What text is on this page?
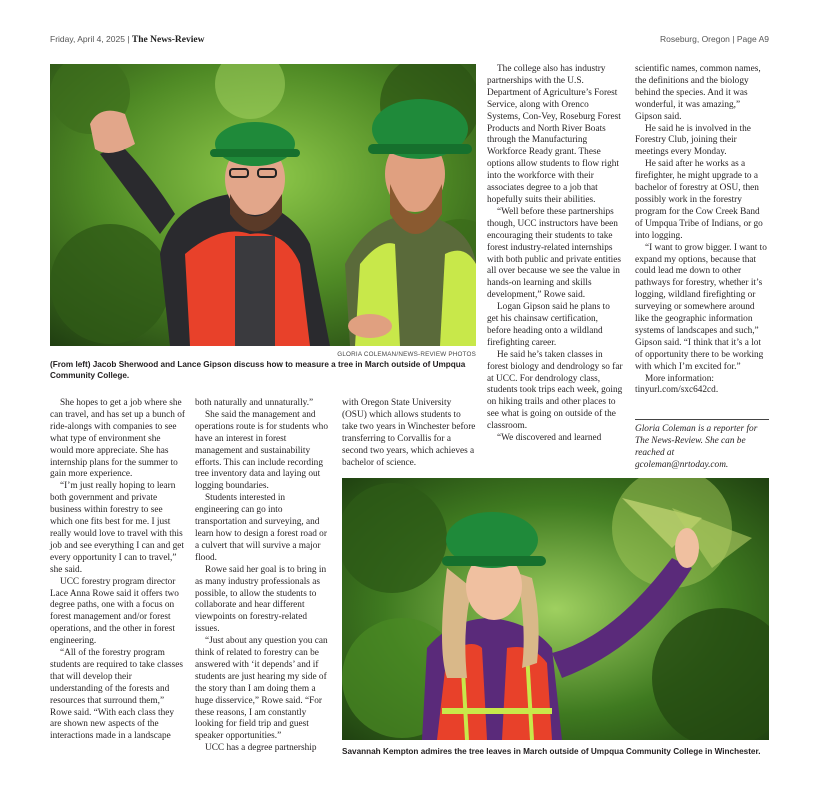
Friday, April 4, 2025 | The News-Review	Roseburg, Oregon | Page A9
GLORIA COLEMAN/NEWS-REVIEW PHOTOS
(From left) Jacob Sherwood and Lance Gipson discuss how to measure a tree in March outside of Umpqua Community College.

She hopes to get a job where she can travel, and has set up a bunch of ride-alongs with companies to see what type of environment she would more appreciate. She has internship plans for the summer to gain more experience.

“I’m just really hoping to learn both government and private business within forestry to see which one fits best for me. I just really would love to travel with this job and see everything I can and get every opportunity I can to travel,” she said.

UCC forestry program director Lace Anna Rowe said it offers two degree paths, one with a focus on forest management and/or forest operations, and the other in forest engineering.

“All of the forestry program students are required to take classes that will develop their understanding of the forests and resources that surround them,” Rowe said. “With each class they are shown new aspects of the interactions made in a landscape

both naturally and unnaturally.”

She said the management and operations route is for students who have an interest in forest management and sustainability efforts. This can include recording tree inventory data and laying out logging boundaries.

Students interested in engineering can go into transportation and surveying, and learn how to design a forest road or a culvert that will survive a major flood.

Rowe said her goal is to bring in as many industry professionals as possible, to allow the students to collaborate and hear different viewpoints on forestry-related issues.

“Just about any question you can think of related to forestry can be answered with ‘it depends’ and if students are just hearing my side of the story than I am doing them a huge disservice,” Rowe said. “For these reasons, I am constantly looking for field trip and guest speaker opportunities.”

UCC has a degree partnership

with Oregon State University (OSU) which allows students to take two years in Winchester before transferring to Corvallis for a second two years, which achieves a bachelor of science.

The college also has industry partnerships with the U.S. Department of Agriculture’s Forest Service, along with Orenco Systems, Con-Vey, Roseburg Forest Products and North River Boats through the Manufacturing Workforce Ready grant. These options allow students to flow right into the workforce with their associates degree to a job that hopefully suits their abilities.

“Well before these partnerships though, UCC instructors have been encouraging their students to take forest industry-related internships with both public and private entities all over because we see the value in hands-on learning and skills development,” Rowe said.

Logan Gipson said he plans to get his chainsaw certification, before heading onto a wildland firefighting career.

He said he’s taken classes in forest biology and dendrology so far at UCC. For dendrology class, students took trips each week, going on hiking trails and other places to see what is going on outside of the classroom.

“We discovered and learned

scientific names, common names, the definitions and the biology behind the species. And it was wonderful, it was amazing,” Gipson said.

He said he is involved in the Forestry Club, joining their meetings every Monday.

He said after he works as a firefighter, he might upgrade to a bachelor of forestry at OSU, then possibly work in the forestry program for the Cow Creek Band of Umpqua Tribe of Indians, or go into logging.

“I want to grow bigger. I want to expand my options, because that could lead me down to other pathways for forestry, whether it’s logging, wildland firefighting or surveying or somewhere around like the geographic information systems of landscapes and such,” Gipson said. “I think that it’s a lot of opportunity there to be working with which I’m excited for.”

More information: tinyurl.com/sxc642cd.

Gloria Coleman is a reporter for The News-Review. She can be reached at gcoleman@nrtoday.com.
Savannah Kempton admires the tree leaves in March outside of Umpqua Community College in Winchester.
